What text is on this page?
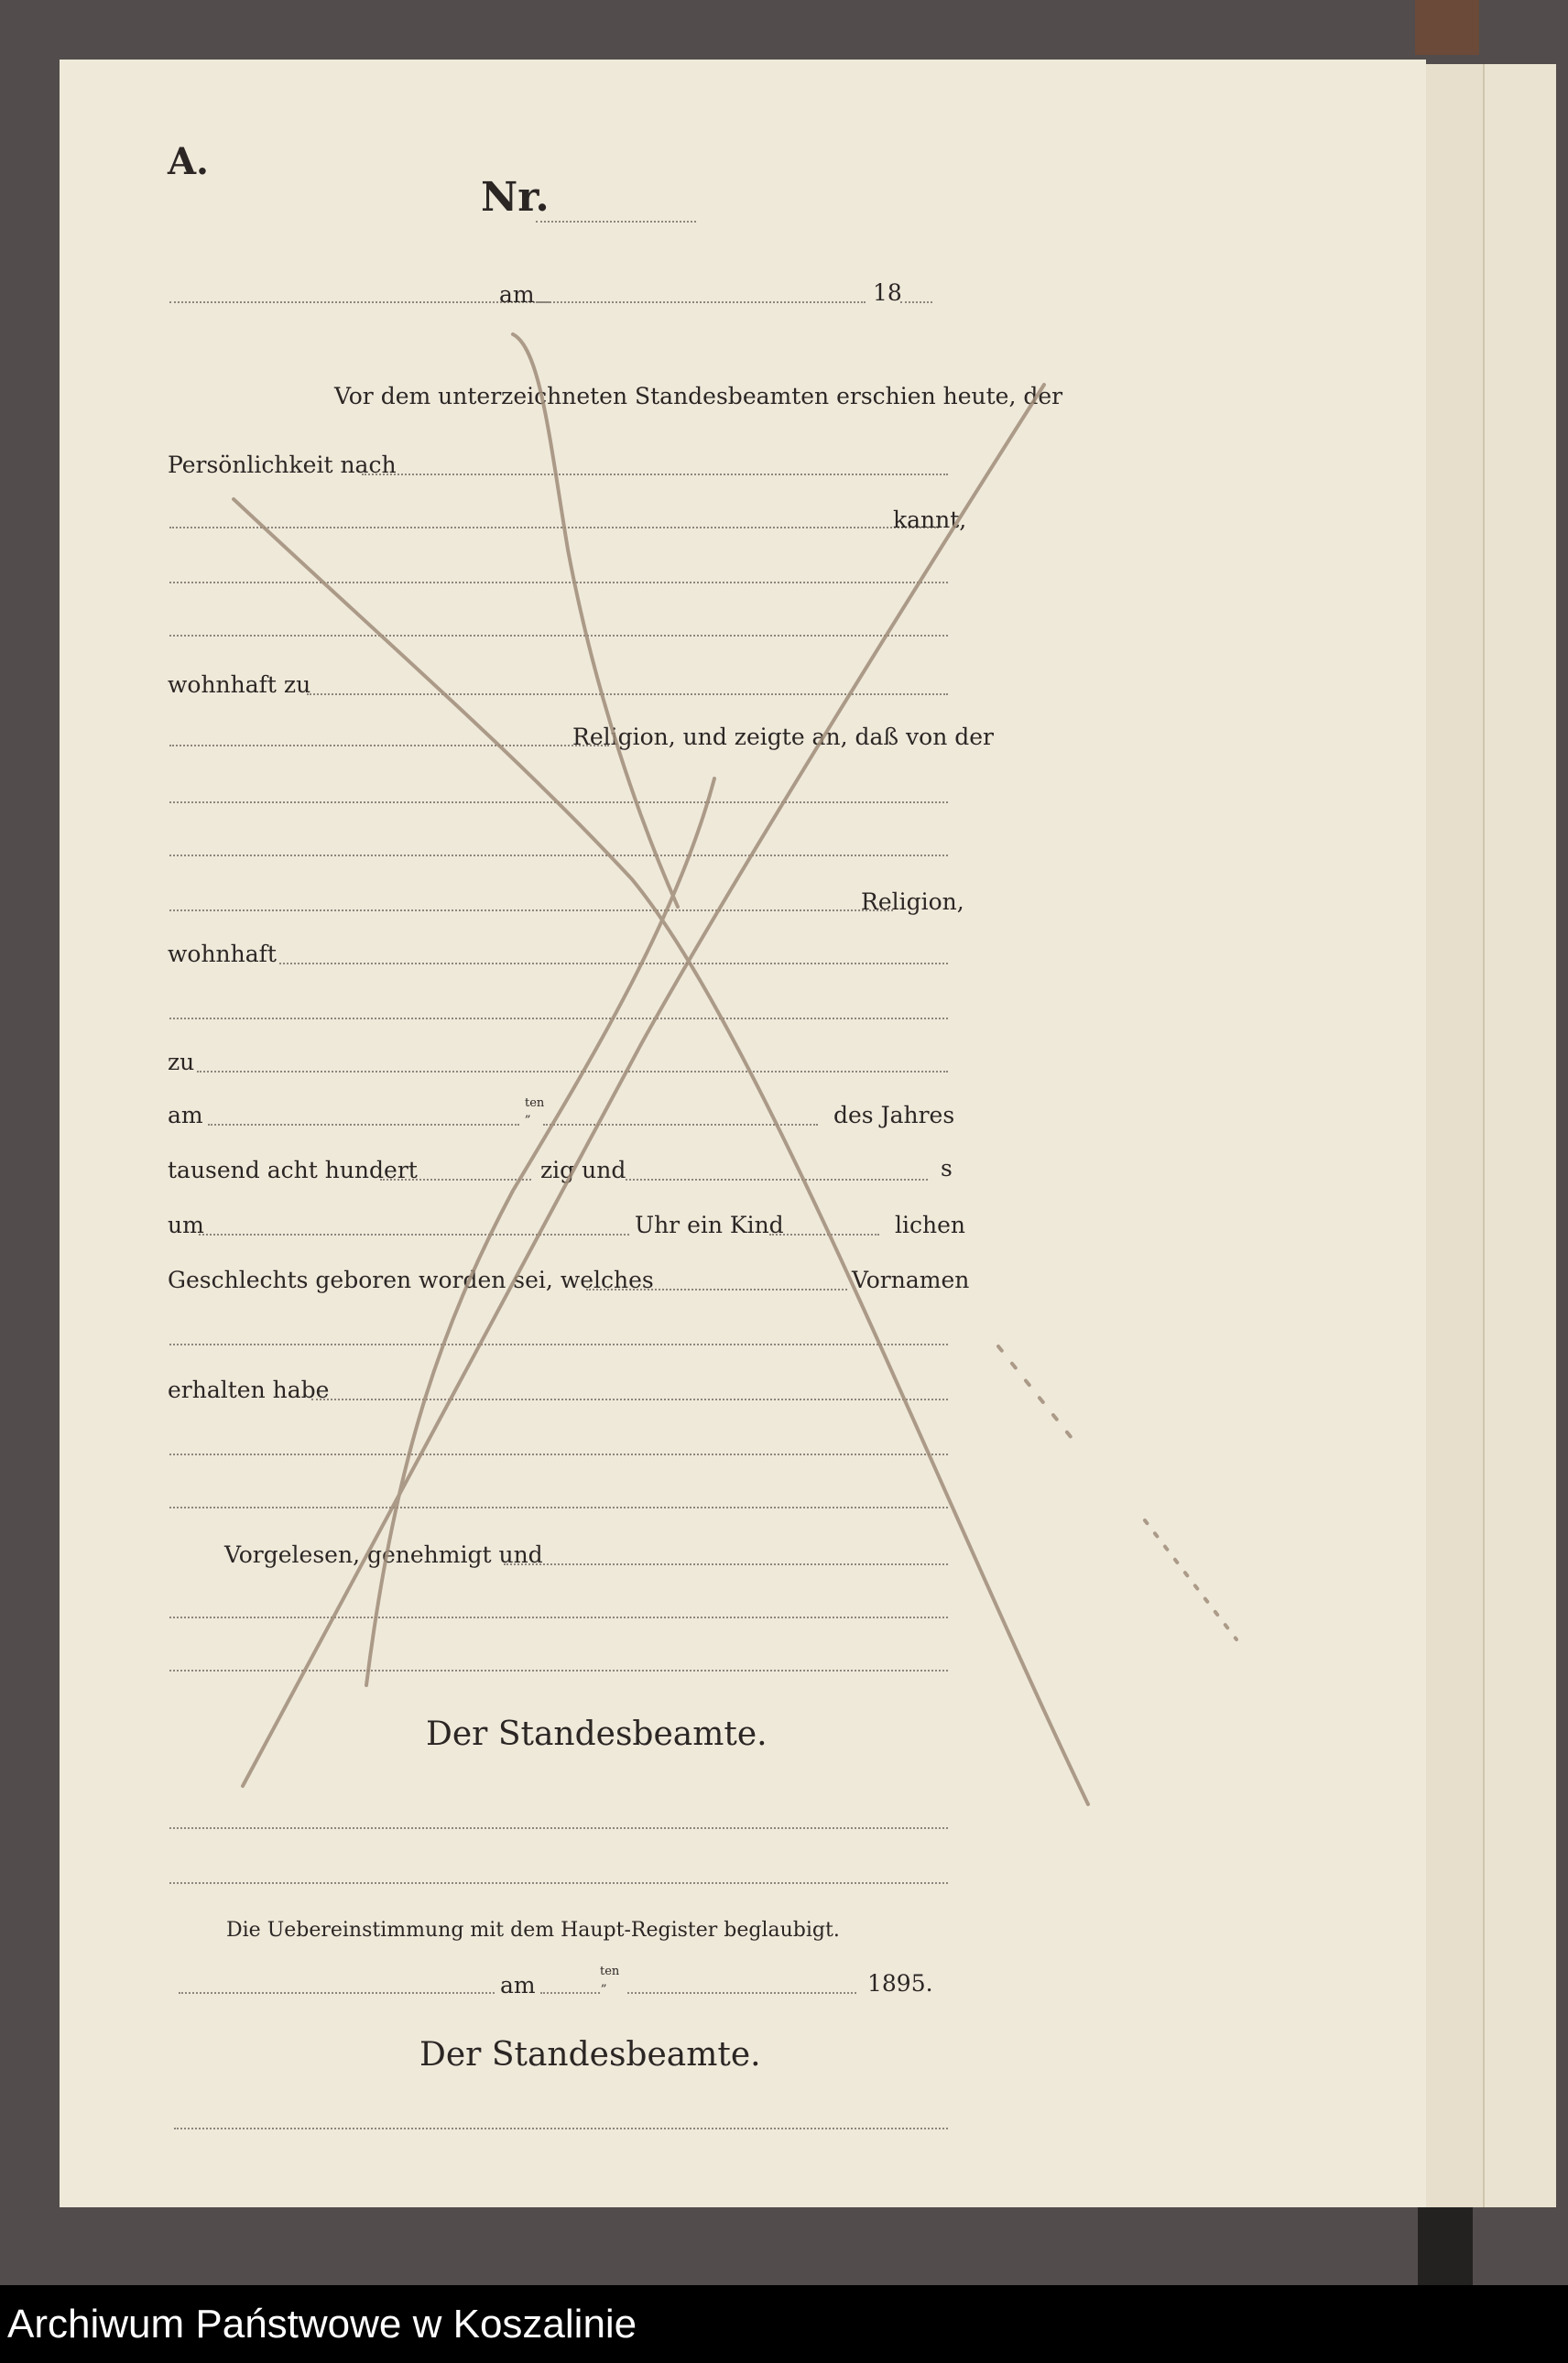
A.
Nr.
am	18
Vor dem unterzeichneten Standesbeamten erschien heute, der
Persönlichkeit nach
kannt,
wohnhaft zu
Religion, und zeigte an, daß von der
Religion,
wohnhaft
zu
am	ten
„	des Jahres
tausend acht hundert	zig und	s
um	Uhr ein Kind	lichen
Geschlechts geboren worden sei, welches	Vornamen
erhalten habe
Vorgelesen, genehmigt und
Der Standesbeamte.
Die Uebereinstimmung mit dem Haupt-Register beglaubigt.
am
ten
„	1895.
Der Standesbeamte.
Archiwum Państwowe w Koszalinie
